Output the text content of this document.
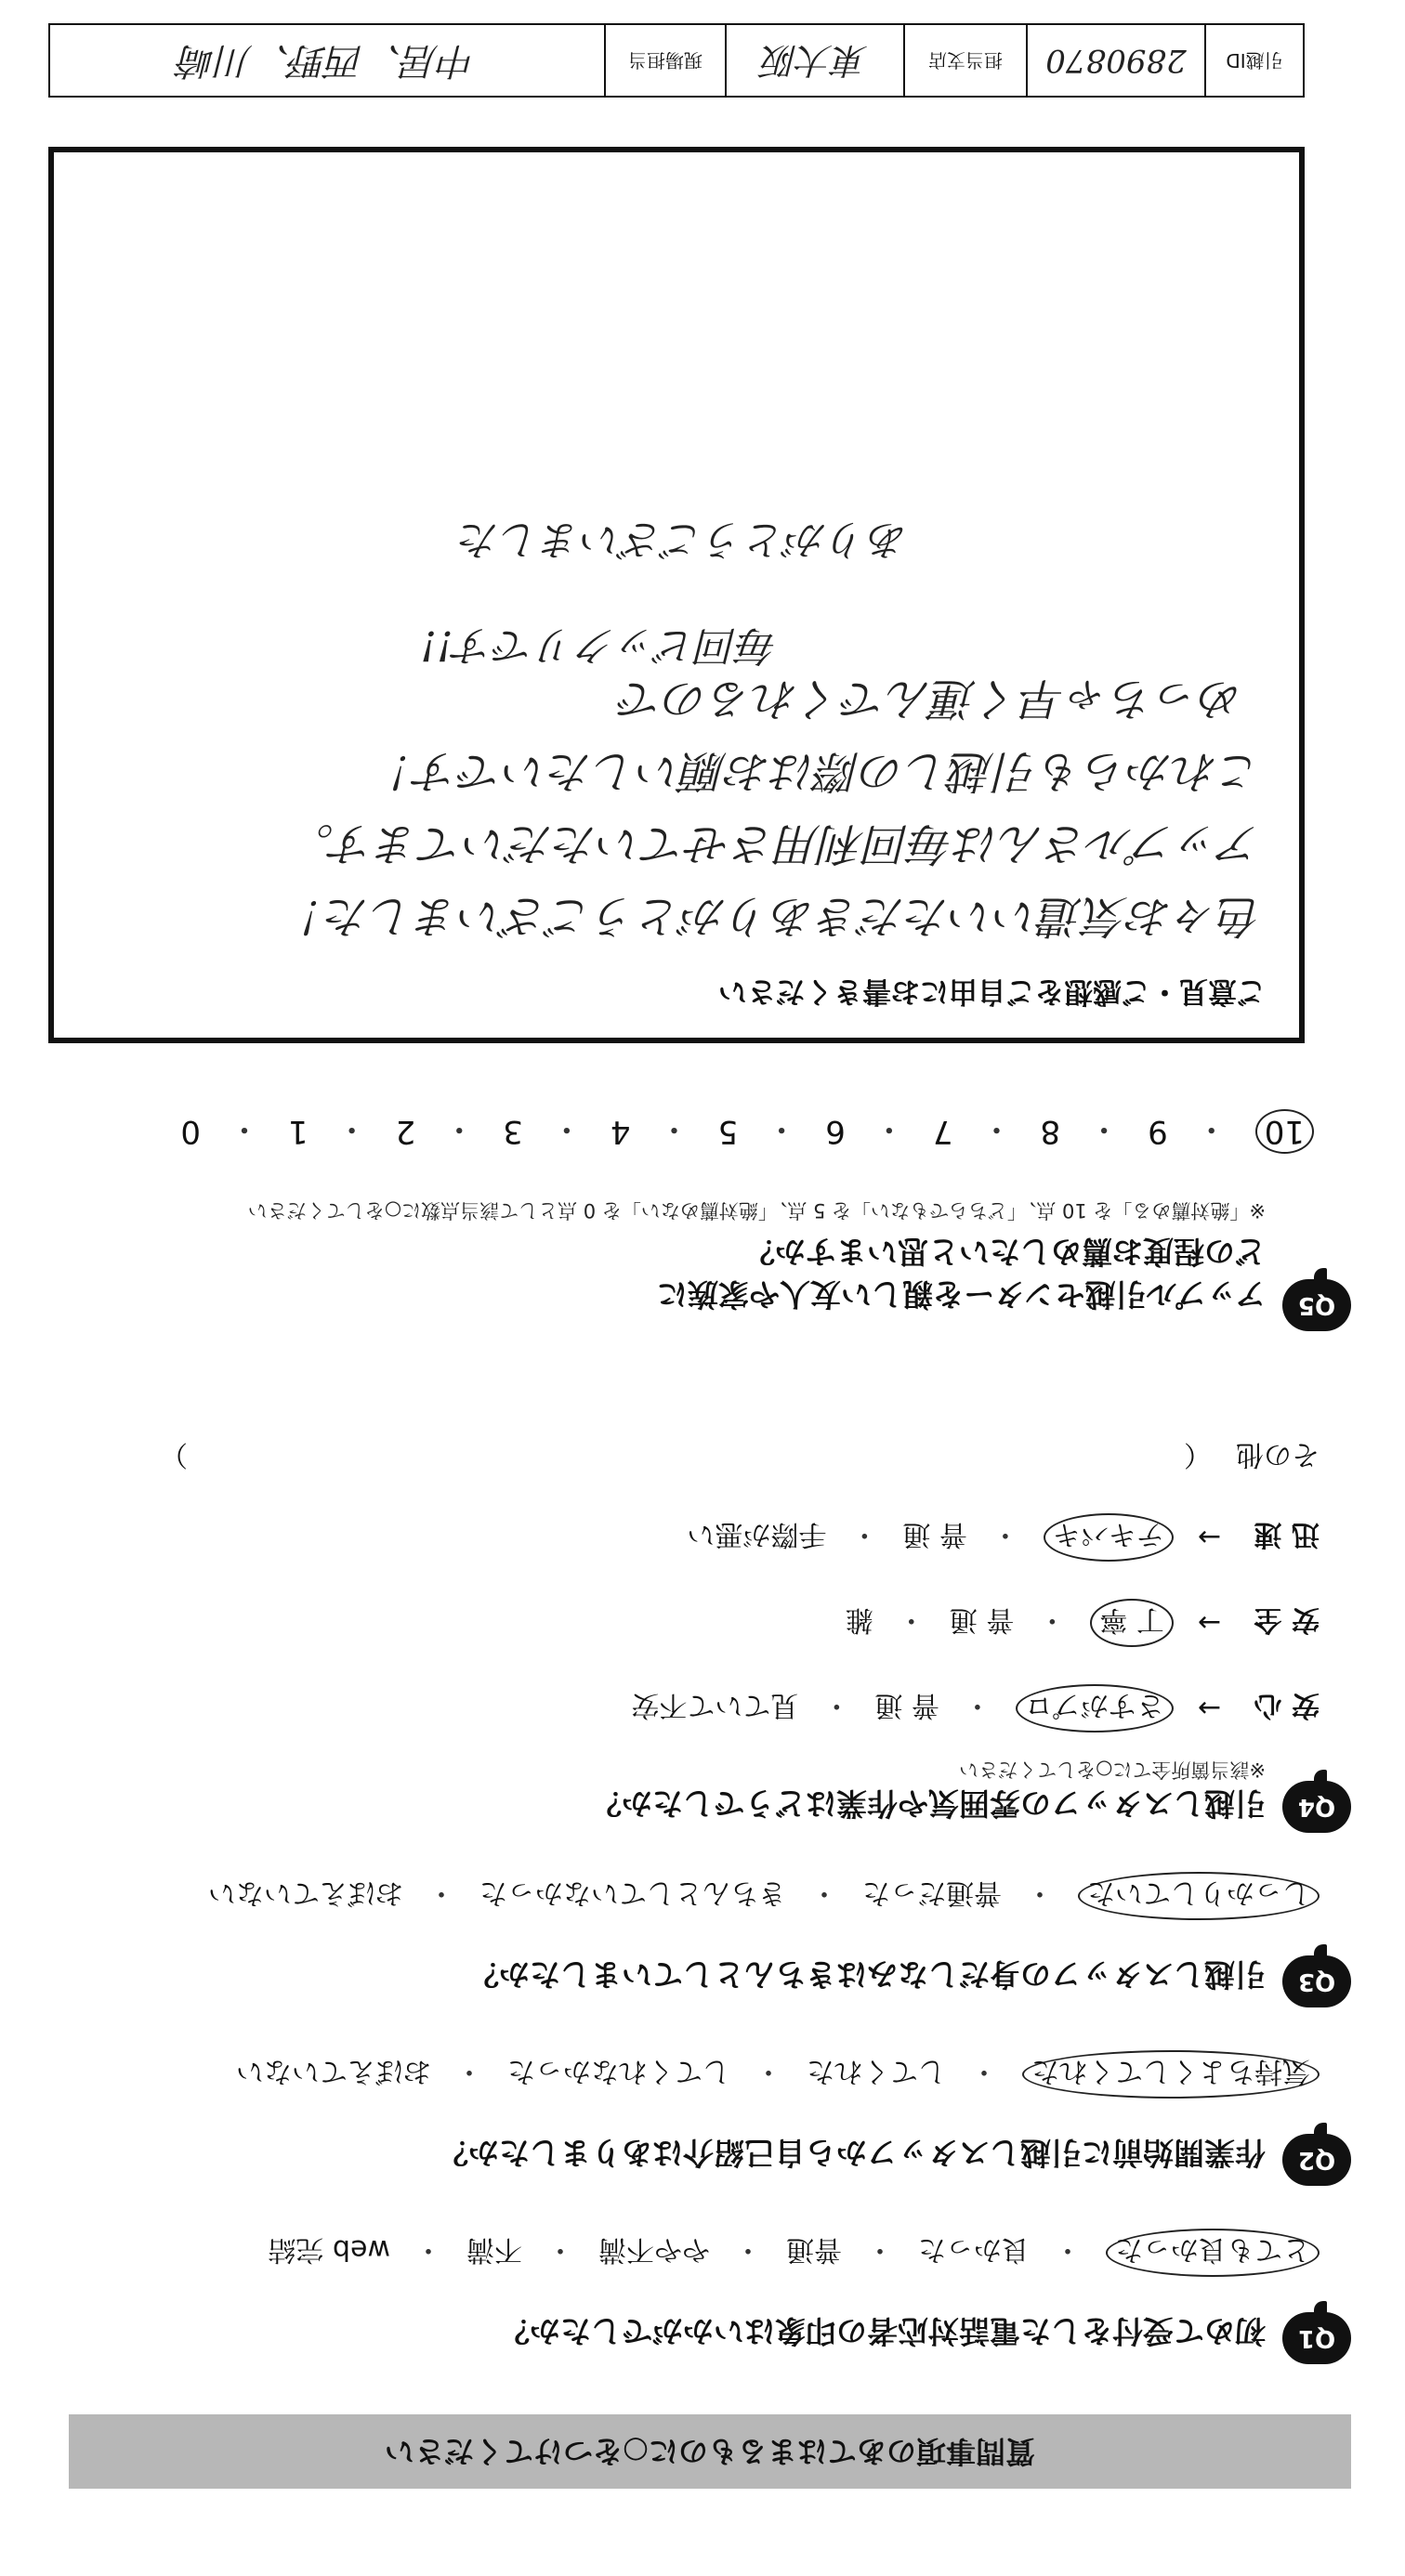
質問事項のあてはまるものに○をつけてください
Q1
初めて受付をした電話対応者の印象はいかがでしたか？
とても良かった
・
良かった
・
普通
・
やや不満
・
不満
・
web 完結
Q2
作業開始前に引越しスタッフから自己紹介はありましたか？
気持ちよくしてくれた
・
してくれた
・
してくれなかった
・
おぼえていない
Q3
引越しスタッフの身だしなみはきちんとしていましたか？
しっかりしていた
・
普通だった
・
きちんとしていなかった
・
おぼえていない
Q4
引越しスタッフの雰囲気や作業はどうでしたか？
※該当箇所全てに○をしてください
安 心
→
さすがプロ
・
普 通
・
見ていて不安
安 全
→
丁 寧
・
普 通
・
雑
迅 速
→
テキパキ
・
普 通
・
手際が悪い
その他
（
）
Q5
アップル引越センターを親しい友人や家族に
どの程度お薦めしたいと思いますか？
※「絶対薦める」を 10 点、「どちらでもない」を 5 点、「絶対薦めない」を 0 点として該当点数に○をしてください
10
・
9
・
8
・
7
・
6
・
5
・
4
・
3
・
2
・
1
・
0
ご意見・ご感想をご自由にお書きください
色々お気遣いいただきありがとうございました！
アップルさんは毎回利用させていただいてます。
これからも引越しの際はお願いしたいです！
めっちゃ早く運んでくれるので
毎回ビックリです!!
ありがとうございました
引越ID
2890870
担当支店
東大阪
現場担当
中居、西野、川崎
